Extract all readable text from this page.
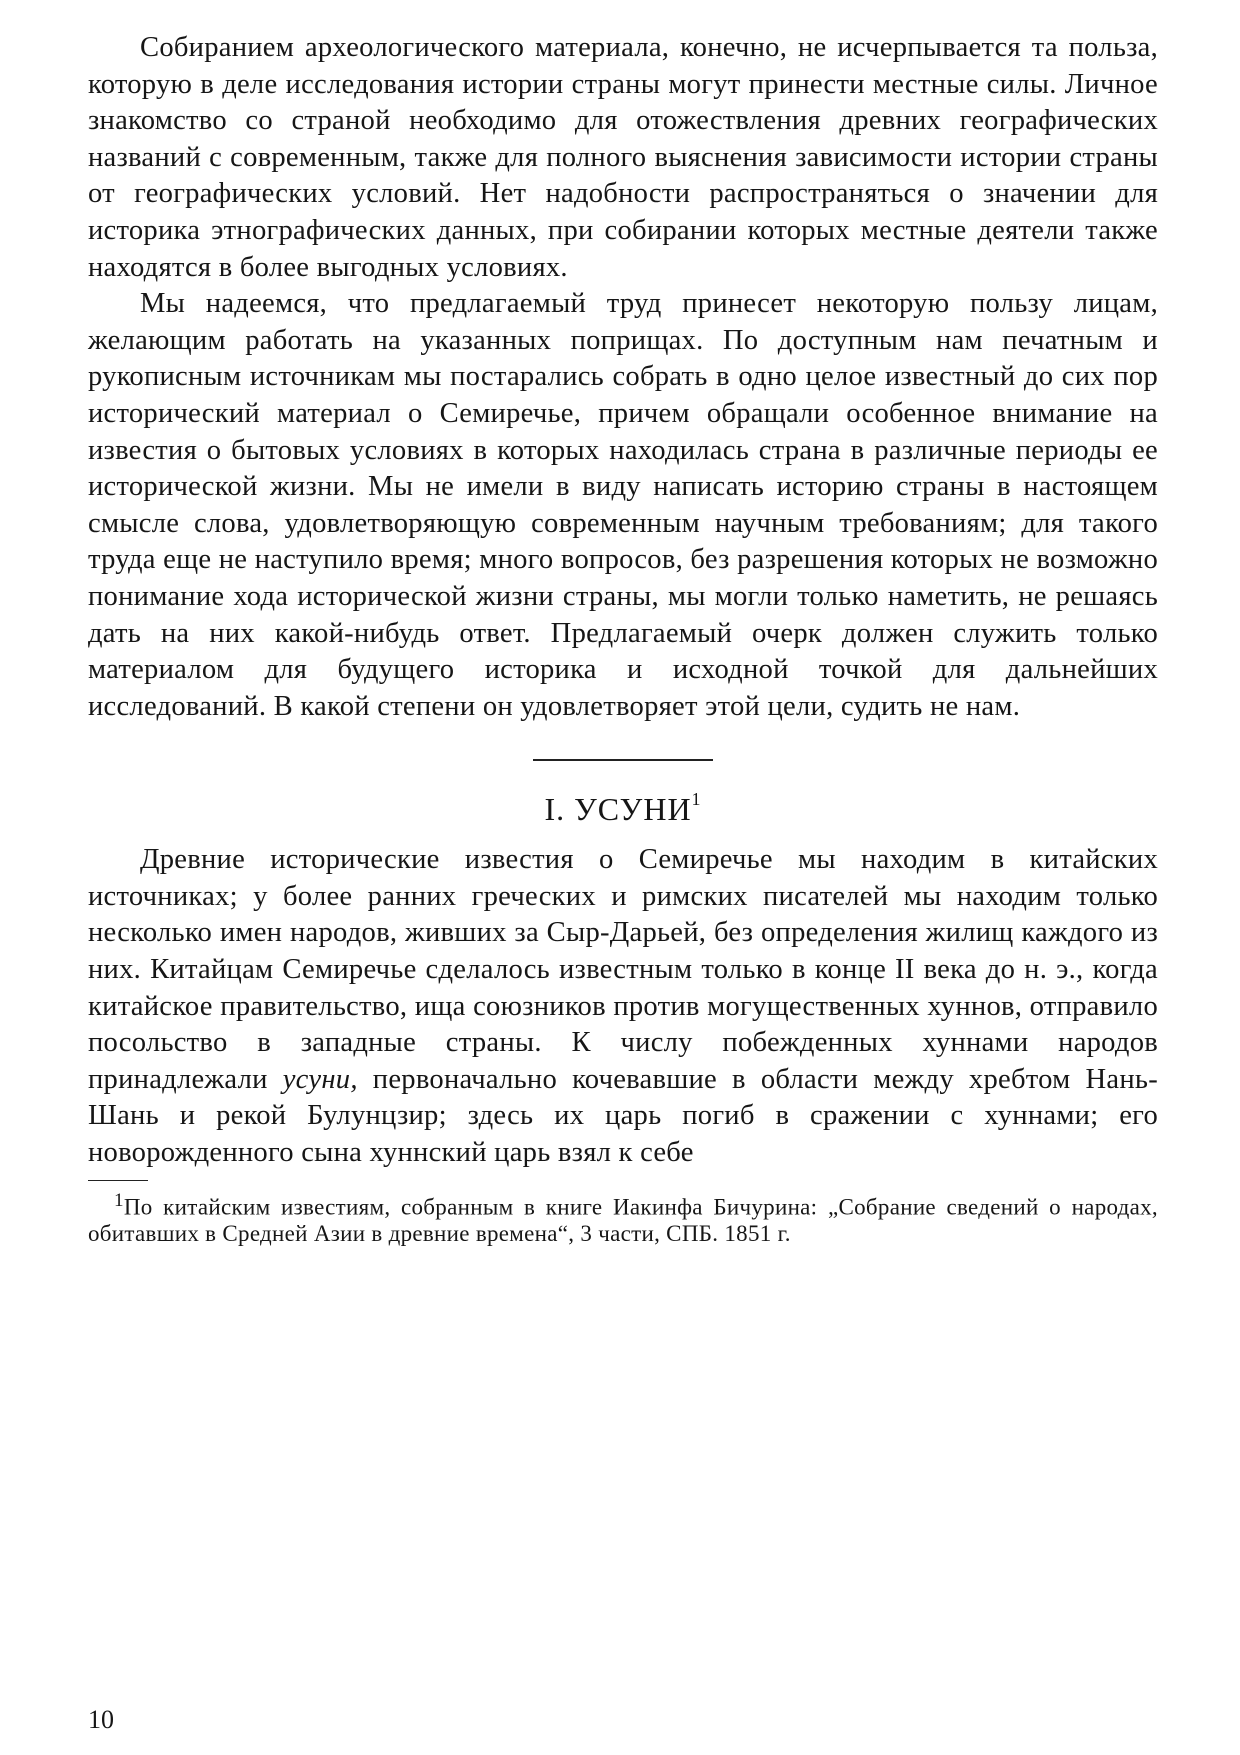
Собиранием археологического материала, конечно, не исчерпывается та польза, которую в деле исследования истории страны могут принести местные силы. Личное знакомство со страной необходимо для отожествления древних географических названий с современным, также для полного выяснения зависимости истории страны от географических условий. Нет надобности распространяться о значении для историка этнографических данных, при собирании которых местные деятели также находятся в более выгодных условиях.

Мы надеемся, что предлагаемый труд принесет некоторую пользу лицам, желающим работать на указанных поприщах. По доступным нам печатным и рукописным источникам мы постарались собрать в одно целое известный до сих пор исторический материал о Семиречье, причем обращали особенное внимание на известия о бытовых условиях в которых находилась страна в различные периоды ее исторической жизни. Мы не имели в виду написать историю страны в настоящем смысле слова, удовлетворяющую современным научным требованиям; для такого труда еще не наступило время; много вопросов, без разрешения которых не возможно понимание хода исторической жизни страны, мы могли только наметить, не решаясь дать на них какой-нибудь ответ. Предлагаемый очерк должен служить только материалом для будущего историка и исходной точкой для дальнейших исследований. В какой степени он удовлетворяет этой цели, судить не нам.

I. УСУНИ$^1$

Древние исторические известия о Семиречье мы находим в китайских источниках; у более ранних греческих и римских писателей мы находим только несколько имен народов, живших за Сыр-Дарьей, без определения жилищ каждого из них. Китайцам Семиречье сделалось известным только в конце II века до н. э., когда китайское правительство, ища союзников против могущественных хуннов, отправило посольство в западные страны. К числу побежденных хуннами народов принадлежали усуни, первоначально кочевавшие в области между хребтом Нань-Шань и рекой Булунцзир; здесь их царь погиб в сражении с хуннами; его новорожденного сына хуннский царь взял к себе

$^1$По китайским известиям, собранным в книге Иакинфа Бичурина: „Собрание сведений о народах, обитавших в Средней Азии в древние времена“, 3 части, СПБ. 1851 г.

10
